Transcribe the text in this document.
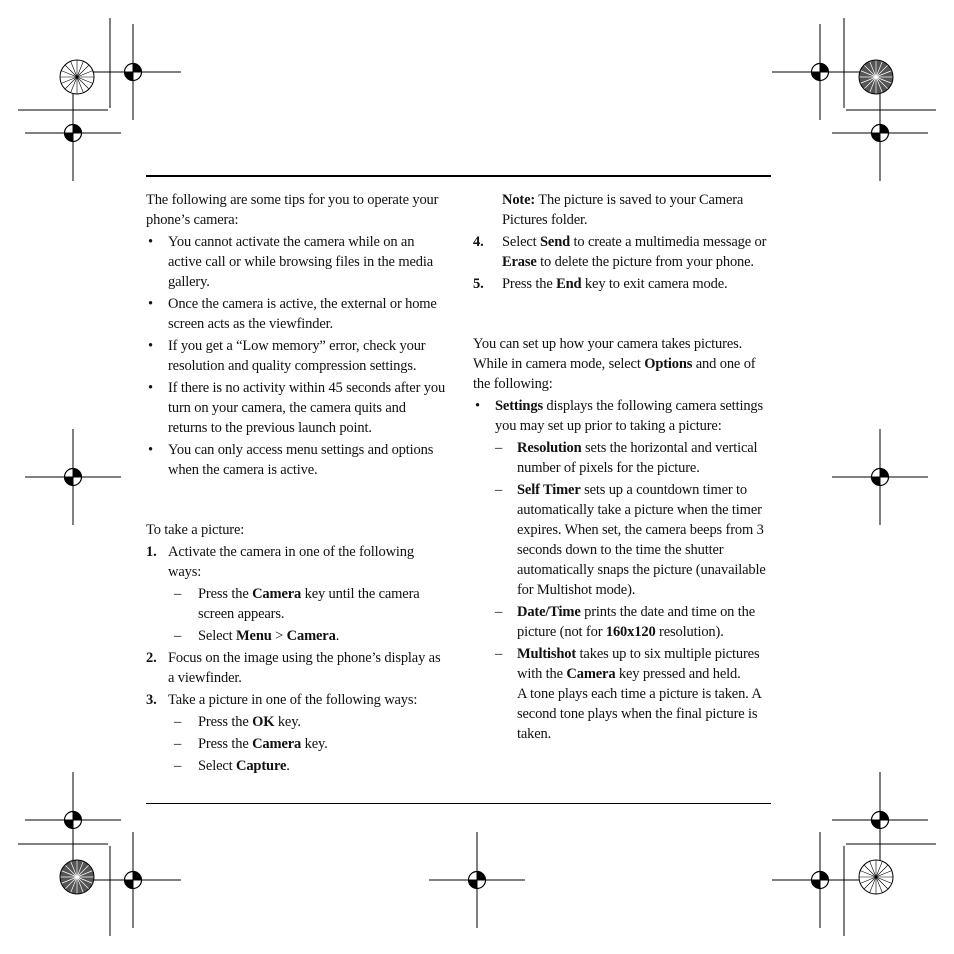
The following are some tips for you to operate your phone’s camera:

• You cannot activate the camera while on an active call or while browsing files in the media gallery.
• Once the camera is active, the external or home screen acts as the viewfinder.
• If you get a “Low memory” error, check your resolution and quality compression settings.
• If there is no activity within 45 seconds after you turn on your camera, the camera quits and returns to the previous launch point.
• You can only access menu settings and options when the camera is active.

To take a picture:

1. Activate the camera in one of the following ways:
– Press the Camera key until the camera screen appears.
– Select Menu > Camera.
2. Focus on the image using the phone’s display as a viewfinder.
3. Take a picture in one of the following ways:
– Press the OK key.
– Press the Camera key.
– Select Capture.

Note: The picture is saved to your Camera Pictures folder.

4. Select Send to create a multimedia message or Erase to delete the picture from your phone.
5. Press the End key to exit camera mode.

You can set up how your camera takes pictures. While in camera mode, select Options and one of the following:

• Settings displays the following camera settings you may set up prior to taking a picture:
– Resolution sets the horizontal and vertical number of pixels for the picture.
– Self Timer sets up a countdown timer to automatically take a picture when the timer expires. When set, the camera beeps from 3 seconds down to the time the shutter automatically snaps the picture (unavailable for Multishot mode).
– Date/Time prints the date and time on the picture (not for 160x120 resolution).
– Multishot takes up to six multiple pictures with the Camera key pressed and held.
A tone plays each time a picture is taken. A second tone plays when the final picture is taken.
